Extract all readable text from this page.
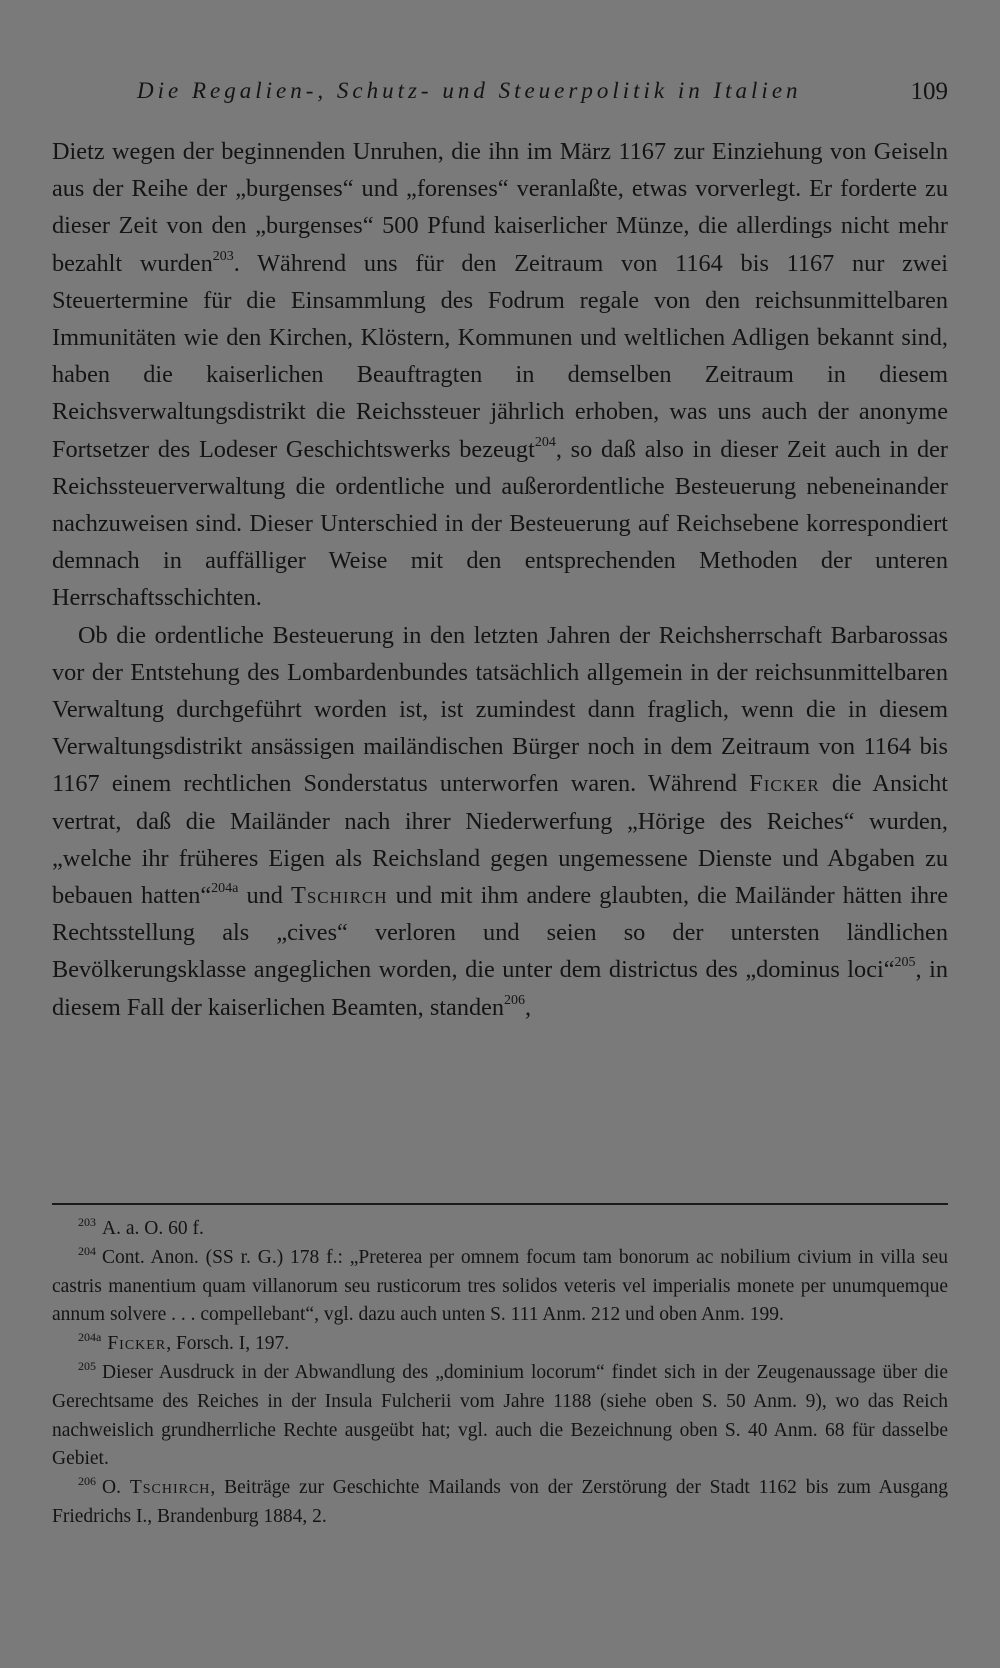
Die Regalien-, Schutz- und Steuerpolitik in Italien	109

Dietz wegen der beginnenden Unruhen, die ihn im März 1167 zur Einziehung von Geiseln aus der Reihe der „burgenses“ und „forenses“ veranlaßte, etwas vorverlegt. Er forderte zu dieser Zeit von den „burgenses“ 500 Pfund kaiserlicher Münze, die allerdings nicht mehr bezahlt wurden$^{203}$. Während uns für den Zeitraum von 1164 bis 1167 nur zwei Steuertermine für die Einsammlung des Fodrum regale von den reichsunmittelbaren Immunitäten wie den Kirchen, Klöstern, Kommunen und weltlichen Adligen bekannt sind, haben die kaiserlichen Beauftragten in demselben Zeitraum in diesem Reichsverwaltungsdistrikt die Reichssteuer jährlich erhoben, was uns auch der anonyme Fortsetzer des Lodeser Geschichtswerks bezeugt$^{204}$, so daß also in dieser Zeit auch in der Reichssteuerverwaltung die ordentliche und außerordentliche Besteuerung nebeneinander nachzuweisen sind. Dieser Unterschied in der Besteuerung auf Reichsebene korrespondiert demnach in auffälliger Weise mit den entsprechenden Methoden der unteren Herrschaftsschichten.

Ob die ordentliche Besteuerung in den letzten Jahren der Reichsherrschaft Barbarossas vor der Entstehung des Lombardenbundes tatsächlich allgemein in der reichsunmittelbaren Verwaltung durchgeführt worden ist, ist zumindest dann fraglich, wenn die in diesem Verwaltungsdistrikt ansässigen mailändischen Bürger noch in dem Zeitraum von 1164 bis 1167 einem rechtlichen Sonderstatus unterworfen waren. Während Ficker die Ansicht vertrat, daß die Mailänder nach ihrer Niederwerfung „Hörige des Reiches“ wurden, „welche ihr früheres Eigen als Reichsland gegen ungemessene Dienste und Abgaben zu bebauen hatten“$^{204a}$ und Tschirch und mit ihm andere glaubten, die Mailänder hätten ihre Rechtsstellung als „cives“ verloren und seien so der untersten ländlichen Bevölkerungsklasse angeglichen worden, die unter dem districtus des „dominus loci“$^{205}$, in diesem Fall der kaiserlichen Beamten, standen$^{206}$,

$^{203}$ A. a. O. 60 f.

$^{204}$ Cont. Anon. (SS r. G.) 178 f.: „Preterea per omnem focum tam bonorum ac nobilium civium in villa seu castris manentium quam villanorum seu rusticorum tres solidos veteris vel imperialis monete per unumquemque annum solvere . . . compellebant“, vgl. dazu auch unten S. 111 Anm. 212 und oben Anm. 199.

$^{204a}$ Ficker, Forsch. I, 197.

$^{205}$ Dieser Ausdruck in der Abwandlung des „dominium locorum“ findet sich in der Zeugenaussage über die Gerechtsame des Reiches in der Insula Fulcherii vom Jahre 1188 (siehe oben S. 50 Anm. 9), wo das Reich nachweislich grundherrliche Rechte ausgeübt hat; vgl. auch die Bezeichnung oben S. 40 Anm. 68 für dasselbe Gebiet.

$^{206}$ O. Tschirch, Beiträge zur Geschichte Mailands von der Zerstörung der Stadt 1162 bis zum Ausgang Friedrichs I., Brandenburg 1884, 2.
